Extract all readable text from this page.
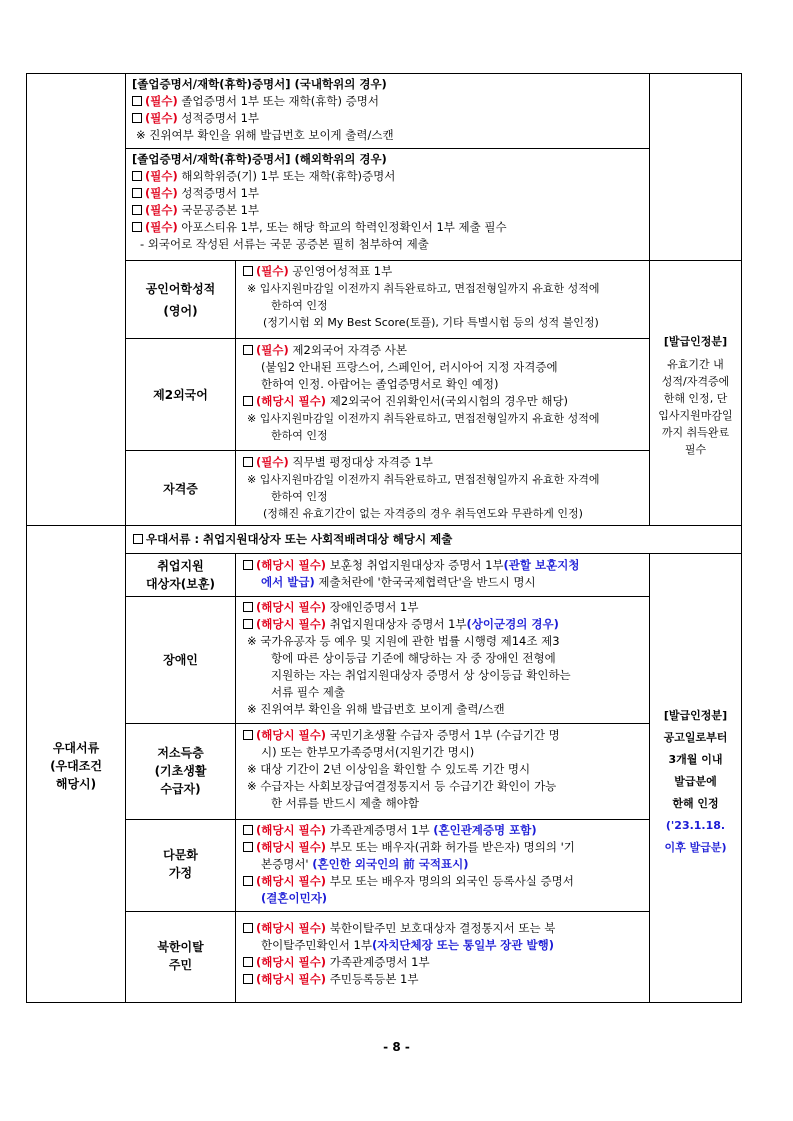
[졸업증명서/재학(휴학)증명서] (국내학위의 경우)
(필수) 졸업증명서 1부 또는 재학(휴학) 증명서
(필수) 성적증명서 1부
※ 진위여부 확인을 위해 발급번호 보이게 출력/스캔
[졸업증명서/재학(휴학)증명서] (해외학위의 경우)
(필수) 해외학위증(기) 1부 또는 재학(휴학)증명서
(필수) 성적증명서 1부
(필수) 국문공증본 1부
(필수) 아포스티유 1부, 또는 해당 학교의 학력인정확인서 1부 제출 필수
- 외국어로 작성된 서류는 국문 공증본 필히 첨부하여 제출
공인어학성적
(영어)
(필수) 공인영어성적표 1부
※ 입사지원마감일 이전까지 취득완료하고, 면접전형일까지 유효한 성적에
한하여 인정
(정기시험 외 My Best Score(토플), 기타 특별시험 등의 성적 불인정)
제2외국어
(필수) 제2외국어 자격증 사본
(붙임2 안내된 프랑스어, 스페인어, 러시아어 지정 자격증에
한하여 인정. 아랍어는 졸업증명서로 확인 예정)
(해당시 필수) 제2외국어 진위확인서(국외시험의 경우만 해당)
※ 입사지원마감일 이전까지 취득완료하고, 면접전형일까지 유효한 성적에
한하여 인정
자격증
(필수) 직무별 평정대상 자격증 1부
※ 입사지원마감일 이전까지 취득완료하고, 면접전형일까지 유효한 자격에
한하여 인정
(정해진 유효기간이 없는 자격증의 경우 취득연도와 무관하게 인정)
[발급인정분]
유효기간 내
성적/자격증에
한해 인정, 단
입사지원마감일
까지 취득완료
필수
우대서류 : 취업지원대상자 또는 사회적배려대상 해당시 제출
우대서류
(우대조건
해당시)
취업지원
대상자(보훈)
(해당시 필수) 보훈청 취업지원대상자 증명서 1부(관할 보훈지청
에서 발급) 제출처란에 '한국국제협력단'을 반드시 명시
장애인
(해당시 필수) 장애인증명서 1부
(해당시 필수) 취업지원대상자 증명서 1부(상이군경의 경우)
※ 국가유공자 등 예우 및 지원에 관한 법률 시행령 제14조 제3
항에 따른 상이등급 기준에 해당하는 자 중 장애인 전형에
지원하는 자는 취업지원대상자 증명서 상 상이등급 확인하는
서류 필수 제출
※ 진위여부 확인을 위해 발급번호 보이게 출력/스캔
저소득층
(기초생활
수급자)
(해당시 필수) 국민기초생활 수급자 증명서 1부 (수급기간 명
시) 또는 한부모가족증명서(지원기간 명시)
※ 대상 기간이 2년 이상임을 확인할 수 있도록 기간 명시
※ 수급자는 사회보장급여결정통지서 등 수급기간 확인이 가능
한 서류를 반드시 제출 해야함
다문화
가정
(해당시 필수) 가족관계증명서 1부 (혼인관계증명 포함)
(해당시 필수) 부모 또는 배우자(귀화 허가를 받은자) 명의의 '기
본증명서' (혼인한 외국인의 前 국적표시)
(해당시 필수) 부모 또는 배우자 명의의 외국인 등록사실 증명서
(결혼이민자)
북한이탈
주민
(해당시 필수) 북한이탈주민 보호대상자 결정통지서 또는 북
한이탈주민확인서 1부(자치단체장 또는 통일부 장관 발행)
(해당시 필수) 가족관계증명서 1부
(해당시 필수) 주민등록등본 1부
[발급인정분]
공고일로부터
3개월 이내
발급분에
한해 인정
('23.1.18.
이후 발급분)
- 8 -
